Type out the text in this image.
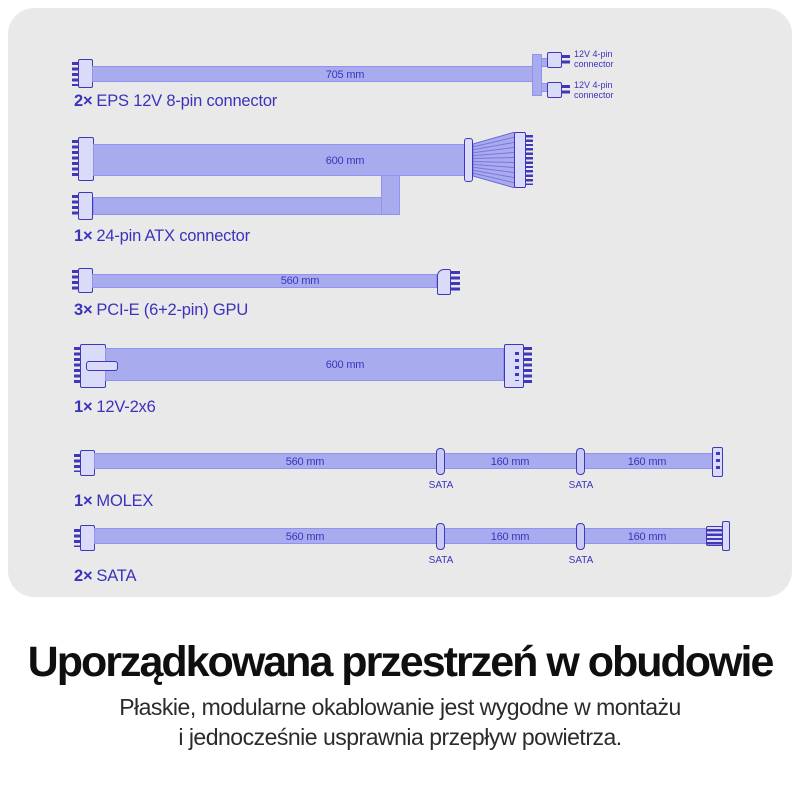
705 mm
12V 4-pin connector
12V 4-pin connector
2× EPS 12V 8-pin connector
600 mm
1× 24-pin ATX connector
560 mm
3× PCI-E (6+2-pin) GPU
600 mm
1× 12V-2x6
560 mm
SATA
160 mm
SATA
160 mm
1× MOLEX
560 mm
SATA
160 mm
SATA
160 mm
2× SATA
Uporządkowana przestrzeń w obudowie
Płaskie, modularne okablowanie jest wygodne w montażu
i jednocześnie usprawnia przepływ powietrza.
